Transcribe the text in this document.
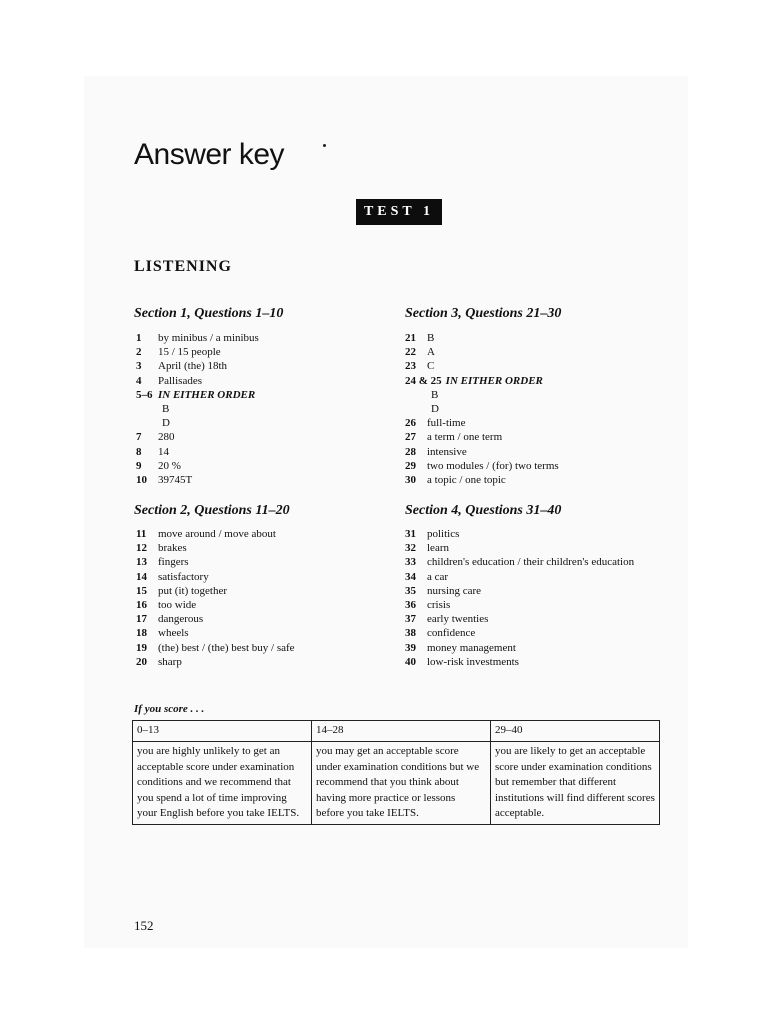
Answer key
TEST 1
LISTENING
Section 1, Questions 1–10
1 by minibus / a minibus
2 15 / 15 people
3 April (the) 18th
4 Pallisades
5–6 IN EITHER ORDER
B
D
7 280
8 14
9 20 %
10 39745T
Section 2, Questions 11–20
11 move around / move about
12 brakes
13 fingers
14 satisfactory
15 put (it) together
16 too wide
17 dangerous
18 wheels
19 (the) best / (the) best buy / safe
20 sharp
Section 3, Questions 21–30
21 B
22 A
23 C
24 & 25 IN EITHER ORDER
B
D
26 full-time
27 a term / one term
28 intensive
29 two modules / (for) two terms
30 a topic / one topic
Section 4, Questions 31–40
31 politics
32 learn
33 children's education / their children's education
34 a car
35 nursing care
36 crisis
37 early twenties
38 confidence
39 money management
40 low-risk investments
If you score . . .
0–13	14–28	29–40
you are highly unlikely to get an acceptable score under examination conditions and we recommend that you spend a lot of time improving your English before you take IELTS.	you may get an acceptable score under examination conditions but we recommend that you think about having more practice or lessons before you take IELTS.	you are likely to get an acceptable score under examination conditions but remember that different institutions will find different scores acceptable.
152
